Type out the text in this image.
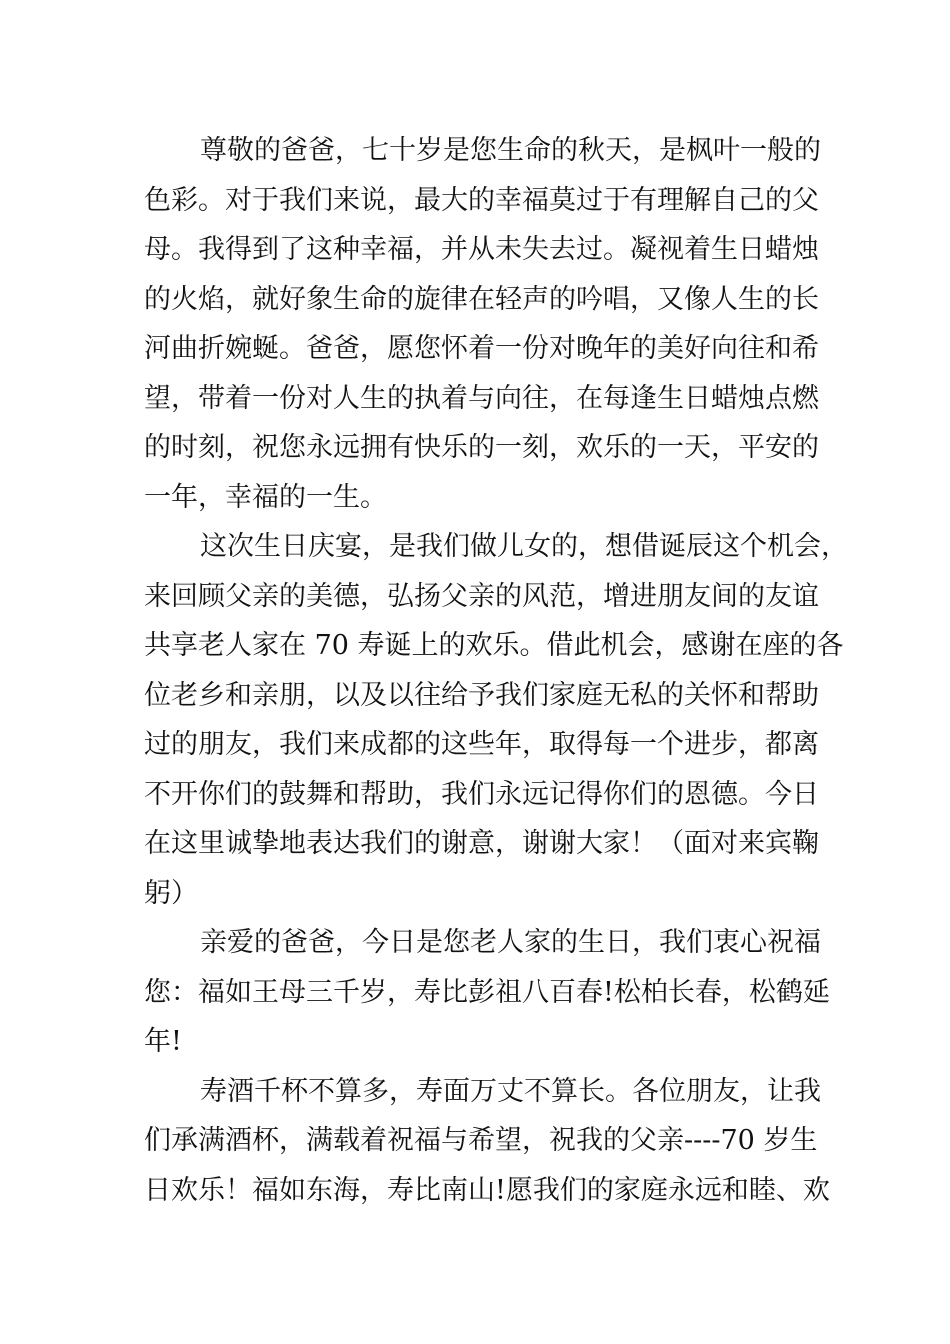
尊敬的爸爸，七十岁是您生命的秋天，是枫叶一般的
色彩。对于我们来说，最大的幸福莫过于有理解自己的父
母。我得到了这种幸福，并从未失去过。凝视着生日蜡烛
的火焰，就好象生命的旋律在轻声的吟唱，又像人生的长
河曲折婉蜒。爸爸，愿您怀着一份对晚年的美好向往和希
望，带着一份对人生的执着与向往，在每逢生日蜡烛点燃
的时刻，祝您永远拥有快乐的一刻，欢乐的一天，平安的
一年，幸福的一生。
这次生日庆宴，是我们做儿女的，想借诞辰这个机会，
来回顾父亲的美德，弘扬父亲的风范，增进朋友间的友谊
共享老人家在 70 寿诞上的欢乐。借此机会，感谢在座的各
位老乡和亲朋，以及以往给予我们家庭无私的关怀和帮助
过的朋友，我们来成都的这些年，取得每一个进步，都离
不开你们的鼓舞和帮助，我们永远记得你们的恩德。今日
在这里诚挚地表达我们的谢意，谢谢大家！（面对来宾鞠
躬）
亲爱的爸爸，今日是您老人家的生日，我们衷心祝福
您：福如王母三千岁，寿比彭祖八百春!松柏长春，松鹤延
年!
寿酒千杯不算多，寿面万丈不算长。各位朋友，让我
们承满酒杯，满载着祝福与希望，祝我的父亲----70 岁生
日欢乐！福如东海，寿比南山!愿我们的家庭永远和睦、欢
